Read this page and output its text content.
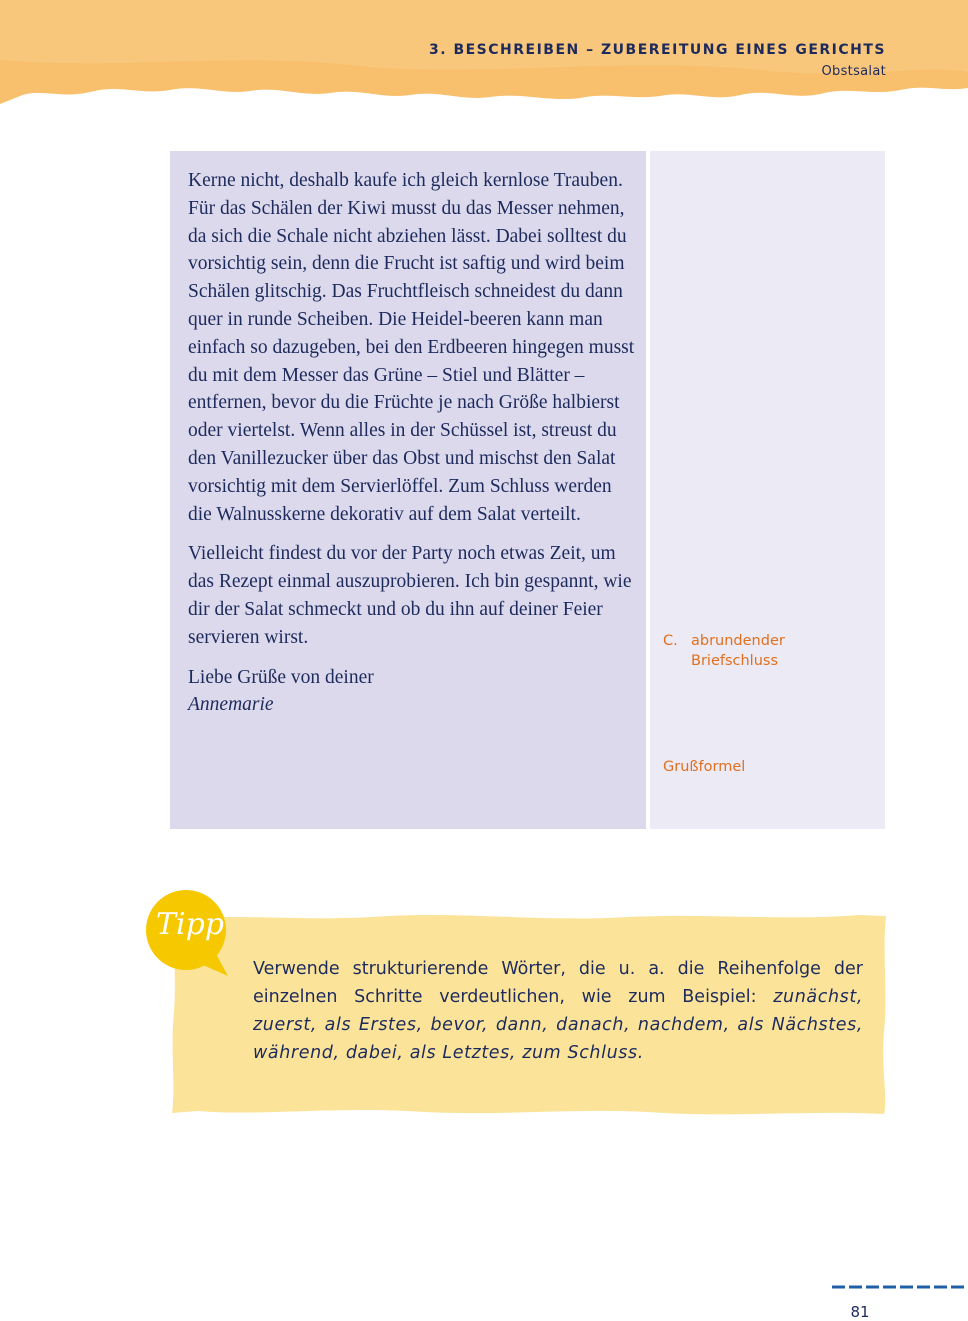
3. BESCHREIBEN – ZUBEREITUNG EINES GERICHTS
Obstsalat

Kerne nicht, deshalb kaufe ich gleich kernlose Trauben. Für das Schälen der Kiwi musst du das Messer nehmen, da sich die Schale nicht abziehen lässt. Dabei solltest du vorsichtig sein, denn die Frucht ist saftig und wird beim Schälen glitschig. Das Fruchtfleisch schneidest du dann quer in runde Scheiben. Die Heidel-beeren kann man einfach so dazugeben, bei den Erdbeeren hingegen musst du mit dem Messer das Grüne – Stiel und Blätter – entfernen, bevor du die Früchte je nach Größe halbierst oder viertelst. Wenn alles in der Schüssel ist, streust du den Vanillezucker über das Obst und mischst den Salat vorsichtig mit dem Servierlöffel. Zum Schluss werden die Walnusskerne dekorativ auf dem Salat verteilt.

Vielleicht findest du vor der Party noch etwas Zeit, um das Rezept einmal auszuprobieren. Ich bin gespannt, wie dir der Salat schmeckt und ob du ihn auf deiner Feier servieren wirst.

Liebe Grüße von deiner
Annemarie
C. abrundender
Briefschluss
Grußformel
Tipp
Verwende strukturierende Wörter, die u. a. die Reihenfolge der einzelnen Schritte verdeutlichen, wie zum Beispiel: zunächst, zuerst, als Erstes, bevor, dann, danach, nachdem, als Nächstes, während, dabei, als Letztes, zum Schluss.
81
